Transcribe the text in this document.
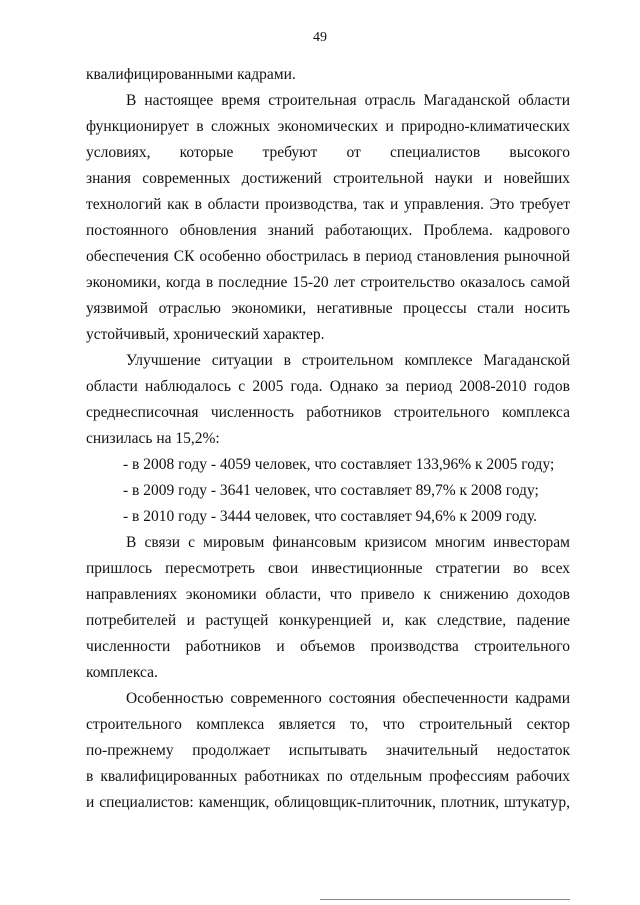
49
квалифицированными кадрами.
В настоящее время строительная отрасль Магаданской области
функционирует в сложных экономических и природно-климатических
условиях, которые требуют от специалистов высокого
знания современных достижений строительной науки и новейших
технологий как в области производства, так и управления. Это требует
постоянного обновления знаний работающих. Проблема. кадрового
обеспечения СК особенно обострилась в период становления рыночной
экономики, когда в последние 15-20 лет строительство оказалось самой
уязвимой отраслью экономики, негативные процессы стали носить
устойчивый, хронический характер.
Улучшение ситуации в строительном комплексе Магаданской
области наблюдалось с 2005 года. Однако за период 2008-2010 годов
среднесписочная численность работников строительного комплекса
снизилась на 15,2%:
- в 2008 году - 4059 человек, что составляет 133,96% к 2005 году;
- в 2009 году - 3641 человек, что составляет 89,7% к 2008 году;
- в 2010 году - 3444 человек, что составляет 94,6% к 2009 году.
В связи с мировым финансовым кризисом многим инвесторам
пришлось пересмотреть свои инвестиционные стратегии во всех
направлениях экономики области, что привело к снижению доходов
потребителей и растущей конкуренцией и, как следствие, падение
численности работников и объемов производства строительного
комплекса.
Особенностью современного состояния обеспеченности кадрами
строительного комплекса является то, что строительный сектор
по-прежнему продолжает испытывать значительный недостаток
в квалифицированных работниках по отдельным профессиям рабочих
и специалистов: каменщик, облицовщик-плиточник, плотник, штукатур,
